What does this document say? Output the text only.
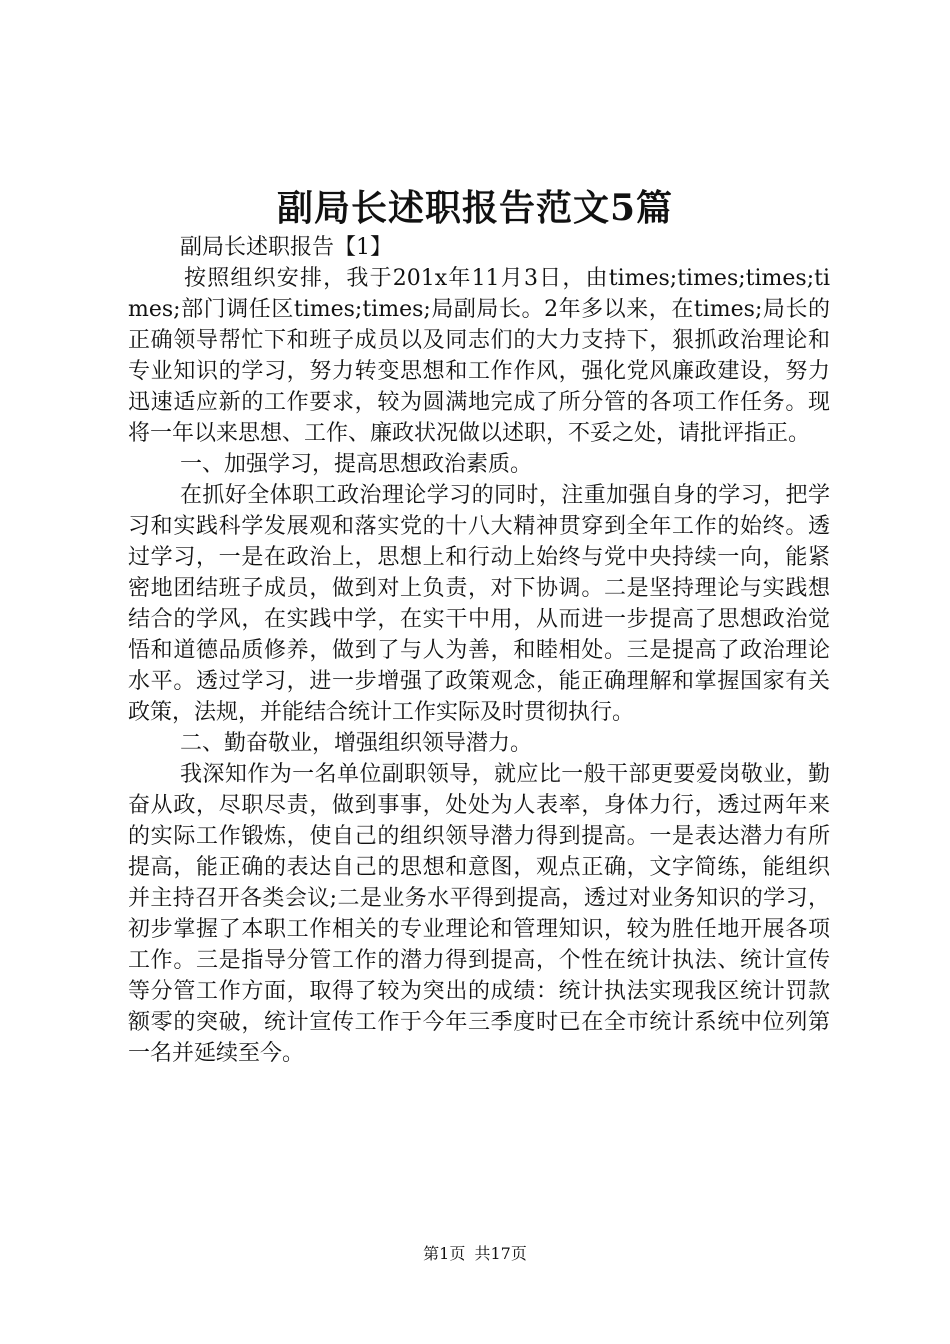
副局长述职报告范文5篇

副局长述职报告【1】

按照组织安排，我于201x年11月3日，由times;times;times;times;部门调任区times;times;局副局长。2年多以来，在times;局长的正确领导帮忙下和班子成员以及同志们的大力支持下，狠抓政治理论和专业知识的学习，努力转变思想和工作作风，强化党风廉政建设，努力迅速适应新的工作要求，较为圆满地完成了所分管的各项工作任务。现将一年以来思想、工作、廉政状况做以述职，不妥之处，请批评指正。

一、加强学习，提高思想政治素质。

在抓好全体职工政治理论学习的同时，注重加强自身的学习，把学习和实践科学发展观和落实党的十八大精神贯穿到全年工作的始终。透过学习，一是在政治上，思想上和行动上始终与党中央持续一向，能紧密地团结班子成员，做到对上负责，对下协调。二是坚持理论与实践想结合的学风，在实践中学，在实干中用，从而进一步提高了思想政治觉悟和道德品质修养，做到了与人为善，和睦相处。三是提高了政治理论水平。透过学习，进一步增强了政策观念，能正确理解和掌握国家有关政策，法规，并能结合统计工作实际及时贯彻执行。

二、勤奋敬业，增强组织领导潜力。

我深知作为一名单位副职领导，就应比一般干部更要爱岗敬业，勤奋从政，尽职尽责，做到事事，处处为人表率，身体力行，透过两年来的实际工作锻炼，使自己的组织领导潜力得到提高。一是表达潜力有所提高，能正确的表达自己的思想和意图，观点正确，文字简练，能组织并主持召开各类会议;二是业务水平得到提高，透过对业务知识的学习，初步掌握了本职工作相关的专业理论和管理知识，较为胜任地开展各项工作。三是指导分管工作的潜力得到提高，个性在统计执法、统计宣传等分管工作方面，取得了较为突出的成绩：统计执法实现我区统计罚款额零的突破，统计宣传工作于今年三季度时已在全市统计系统中位列第一名并延续至今。

第1页 共17页
